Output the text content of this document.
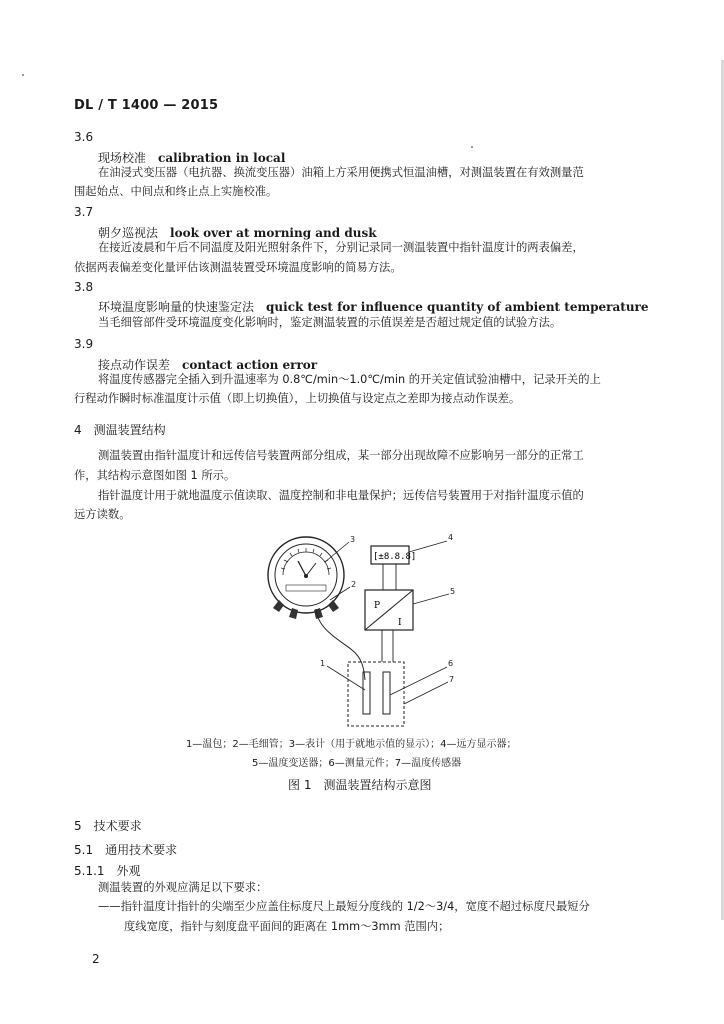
DL / T 1400 — 2015
3.6
现场校准 calibration in local
在油浸式变压器（电抗器、换流变压器）油箱上方采用便携式恒温油槽，对测温装置在有效测量范
围起始点、中间点和终止点上实施校准。
3.7
朝夕巡视法 look over at morning and dusk
在接近凌晨和午后不同温度及阳光照射条件下，分别记录同一测温装置中指针温度计的两表偏差，
依据两表偏差变化量评估该测温装置受环境温度影响的简易方法。
3.8
环境温度影响量的快速鉴定法 quick test for influence quantity of ambient temperature
当毛细管部件受环境温度变化影响时，鉴定测温装置的示值误差是否超过规定值的试验方法。
3.9
接点动作误差 contact action error
将温度传感器完全插入到升温速率为 0.8℃/min～1.0℃/min 的开关定值试验油槽中，记录开关的上
行程动作瞬时标准温度计示值（即上切换值），上切换值与设定点之差即为接点动作误差。
4　测温装置结构
测温装置由指针温度计和远传信号装置两部分组成，某一部分出现故障不应影响另一部分的正常工
作，其结构示意图如图 1 所示。
指针温度计用于就地温度示值读取、温度控制和非电量保护；远传信号装置用于对指针温度示值的
远方读数。
P
I
[±8.8.8]
3
2
4
5
1	6
7
1—温包；2—毛细管；3—表计（用于就地示值的显示）；4—远方显示器；
5—温度变送器；6—测量元件；7—温度传感器
图 1　测温装置结构示意图
5　技术要求
5.1　通用技术要求
5.1.1　外观
测温装置的外观应满足以下要求：
——指针温度计指针的尖端至少应盖住标度尺上最短分度线的 1/2～3/4，宽度不超过标度尺最短分
度线宽度，指针与刻度盘平面间的距离在 1mm～3mm 范围内；
2
